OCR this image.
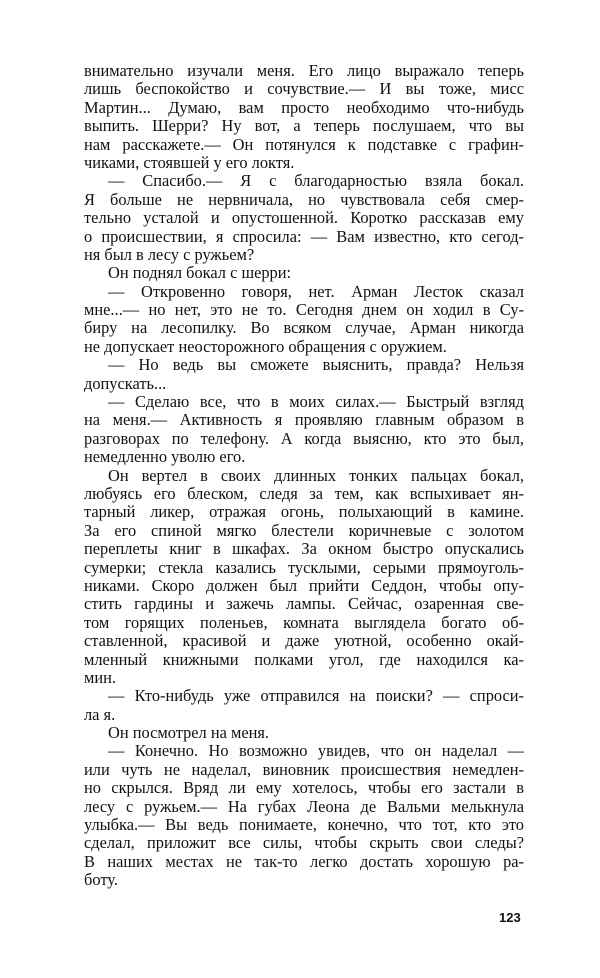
внимательно изучали меня. Его лицо выражало теперь
лишь беспокойство и сочувствие.— И вы тоже, мисс
Мартин... Думаю, вам просто необходимо что-нибудь
выпить. Шерри? Ну вот, а теперь послушаем, что вы
нам расскажете.— Он потянулся к подставке с графин-
чиками, стоявшей у его локтя.
— Спасибо.— Я с благодарностью взяла бокал.
Я больше не нервничала, но чувствовала себя смер-
тельно усталой и опустошенной. Коротко рассказав ему
о происшествии, я спросила: — Вам известно, кто сегод-
ня был в лесу с ружьем?
Он поднял бокал с шерри:
— Откровенно говоря, нет. Арман Лесток сказал
мне...— но нет, это не то. Сегодня днем он ходил в Су-
биру на лесопилку. Во всяком случае, Арман никогда
не допускает неосторожного обращения с оружием.
— Но ведь вы сможете выяснить, правда? Нельзя
допускать...
— Сделаю все, что в моих силах.— Быстрый взгляд
на меня.— Активность я проявляю главным образом в
разговорах по телефону. А когда выясню, кто это был,
немедленно уволю его.
Он вертел в своих длинных тонких пальцах бокал,
любуясь его блеском, следя за тем, как вспыхивает ян-
тарный ликер, отражая огонь, полыхающий в камине.
За его спиной мягко блестели коричневые с золотом
переплеты книг в шкафах. За окном быстро опускались
сумерки; стекла казались тусклыми, серыми прямоуголь-
никами. Скоро должен был прийти Седдон, чтобы опу-
стить гардины и зажечь лампы. Сейчас, озаренная све-
том горящих поленьев, комната выглядела богато об-
ставленной, красивой и даже уютной, особенно окай-
мленный книжными полками угол, где находился ка-
мин.
— Кто-нибудь уже отправился на поиски? — спроси-
ла я.
Он посмотрел на меня.
— Конечно. Но возможно увидев, что он наделал —
или чуть не наделал, виновник происшествия немедлен-
но скрылся. Вряд ли ему хотелось, чтобы его застали в
лесу с ружьем.— На губах Леона де Вальми мелькнула
улыбка.— Вы ведь понимаете, конечно, что тот, кто это
сделал, приложит все силы, чтобы скрыть свои следы?
В наших местах не так-то легко достать хорошую ра-
боту.
123
